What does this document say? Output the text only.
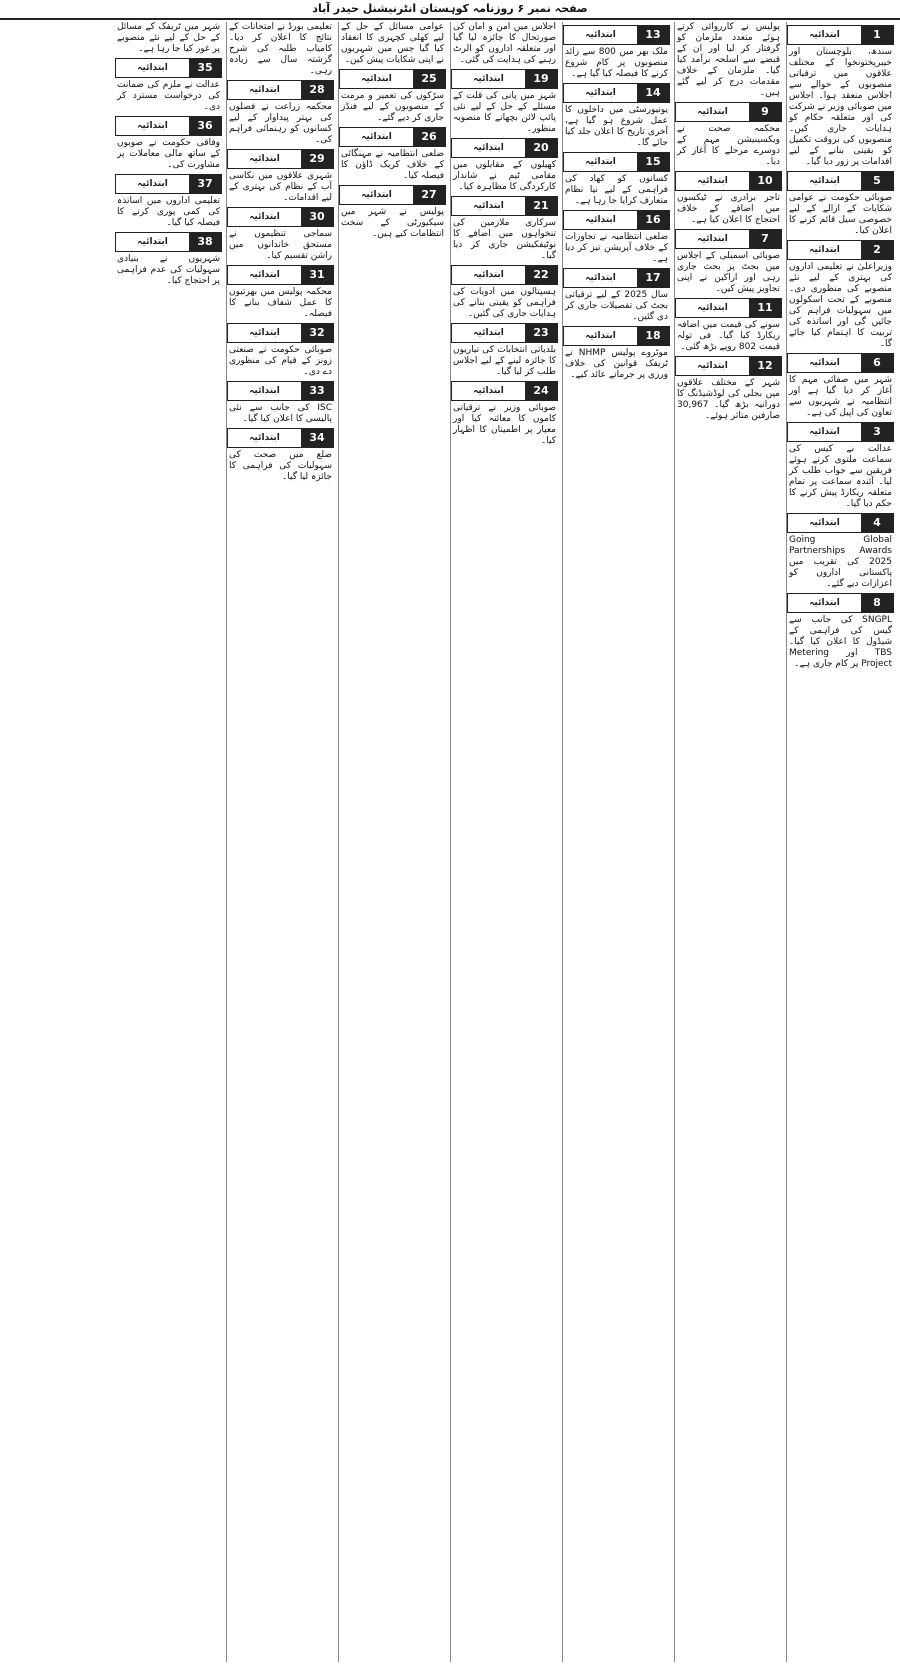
صفحہ نمبر ۶ روزنامہ کوہستان انٹرنیشنل حیدر آباد
ابتدائیہ	1

سندھ، بلوچستان اور خیبرپختونخوا کے مختلف علاقوں میں ترقیاتی منصوبوں کے حوالے سے اجلاس منعقد ہوا۔ اجلاس میں صوبائی وزیر نے شرکت کی اور متعلقہ حکام کو ہدایات جاری کیں۔ منصوبوں کی بروقت تکمیل کو یقینی بنانے کے لیے اقدامات پر زور دیا گیا۔

ابتدائیہ	5

صوبائی حکومت نے عوامی شکایات کے ازالے کے لیے خصوصی سیل قائم کرنے کا اعلان کیا۔

ابتدائیہ	2

وزیراعلیٰ نے تعلیمی اداروں کی بہتری کے لیے نئے منصوبے کی منظوری دی۔ منصوبے کے تحت اسکولوں میں سہولیات فراہم کی جائیں گی اور اساتذہ کی تربیت کا اہتمام کیا جائے گا۔

ابتدائیہ	6

شہر میں صفائی مہم کا آغاز کر دیا گیا ہے اور انتظامیہ نے شہریوں سے تعاون کی اپیل کی ہے۔

ابتدائیہ	3

عدالت نے کیس کی سماعت ملتوی کرتے ہوئے فریقین سے جواب طلب کر لیا۔ آئندہ سماعت پر تمام متعلقہ ریکارڈ پیش کرنے کا حکم دیا گیا۔

ابتدائیہ	4

Going Global Partnerships Awards 2025 کی تقریب میں پاکستانی اداروں کو اعزازات دیے گئے۔

ابتدائیہ	8

SNGPL کی جانب سے گیس کی فراہمی کے شیڈول کا اعلان کیا گیا۔ TBS اور Metering Project پر کام جاری ہے۔

پولیس نے کارروائی کرتے ہوئے متعدد ملزمان کو گرفتار کر لیا اور ان کے قبضے سے اسلحہ برآمد کیا گیا۔ ملزمان کے خلاف مقدمات درج کر لیے گئے ہیں۔

ابتدائیہ	9

محکمہ صحت نے ویکسینیشن مہم کے دوسرے مرحلے کا آغاز کر دیا۔

ابتدائیہ	10

تاجر برادری نے ٹیکسوں میں اضافے کے خلاف احتجاج کا اعلان کیا ہے۔

ابتدائیہ	7

صوبائی اسمبلی کے اجلاس میں بجٹ پر بحث جاری رہی اور اراکین نے اپنی تجاویز پیش کیں۔

ابتدائیہ	11

سونے کی قیمت میں اضافہ ریکارڈ کیا گیا۔ فی تولہ قیمت 802 روپے بڑھ گئی۔

ابتدائیہ	12

شہر کے مختلف علاقوں میں بجلی کی لوڈشیڈنگ کا دورانیہ بڑھ گیا۔ 30,967 صارفین متاثر ہوئے۔

ابتدائیہ	13

ملک بھر میں 800 سے زائد منصوبوں پر کام شروع کرنے کا فیصلہ کیا گیا ہے۔

ابتدائیہ	14

یونیورسٹی میں داخلوں کا عمل شروع ہو گیا ہے، آخری تاریخ کا اعلان جلد کیا جائے گا۔

ابتدائیہ	15

کسانوں کو کھاد کی فراہمی کے لیے نیا نظام متعارف کرایا جا رہا ہے۔

ابتدائیہ	16

ضلعی انتظامیہ نے تجاوزات کے خلاف آپریشن تیز کر دیا ہے۔

ابتدائیہ	17

سال 2025 کے لیے ترقیاتی بجٹ کی تفصیلات جاری کر دی گئیں۔

ابتدائیہ	18

موٹروے پولیس NHMP نے ٹریفک قوانین کی خلاف ورزی پر جرمانے عائد کیے۔

اجلاس میں امن و امان کی صورتحال کا جائزہ لیا گیا اور متعلقہ اداروں کو الرٹ رہنے کی ہدایت کی گئی۔

ابتدائیہ	19

شہر میں پانی کی قلت کے مسئلے کے حل کے لیے نئی پائپ لائن بچھانے کا منصوبہ منظور۔

ابتدائیہ	20

کھیلوں کے مقابلوں میں مقامی ٹیم نے شاندار کارکردگی کا مظاہرہ کیا۔

ابتدائیہ	21

سرکاری ملازمین کی تنخواہوں میں اضافے کا نوٹیفکیشن جاری کر دیا گیا۔

ابتدائیہ	22

ہسپتالوں میں ادویات کی فراہمی کو یقینی بنانے کی ہدایات جاری کی گئیں۔

ابتدائیہ	23

بلدیاتی انتخابات کی تیاریوں کا جائزہ لینے کے لیے اجلاس طلب کر لیا گیا۔

ابتدائیہ	24

صوبائی وزیر نے ترقیاتی کاموں کا معائنہ کیا اور معیار پر اطمینان کا اظہار کیا۔

عوامی مسائل کے حل کے لیے کھلی کچہری کا انعقاد کیا گیا جس میں شہریوں نے اپنی شکایات پیش کیں۔

ابتدائیہ	25

سڑکوں کی تعمیر و مرمت کے منصوبوں کے لیے فنڈز جاری کر دیے گئے۔

ابتدائیہ	26

ضلعی انتظامیہ نے مہنگائی کے خلاف کریک ڈاؤن کا فیصلہ کیا۔

ابتدائیہ	27

پولیس نے شہر میں سیکیورٹی کے سخت انتظامات کیے ہیں۔

تعلیمی بورڈ نے امتحانات کے نتائج کا اعلان کر دیا۔ کامیاب طلبہ کی شرح گزشتہ سال سے زیادہ رہی۔

ابتدائیہ	28

محکمہ زراعت نے فصلوں کی بہتر پیداوار کے لیے کسانوں کو رہنمائی فراہم کی۔

ابتدائیہ	29

شہری علاقوں میں نکاسی آب کے نظام کی بہتری کے لیے اقدامات۔

ابتدائیہ	30

سماجی تنظیموں نے مستحق خاندانوں میں راشن تقسیم کیا۔

ابتدائیہ	31

محکمہ پولیس میں بھرتیوں کا عمل شفاف بنانے کا فیصلہ۔

ابتدائیہ	32

صوبائی حکومت نے صنعتی زونز کے قیام کی منظوری دے دی۔

ابتدائیہ	33

ISC کی جانب سے نئی پالیسی کا اعلان کیا گیا۔

ابتدائیہ	34

ضلع میں صحت کی سہولیات کی فراہمی کا جائزہ لیا گیا۔

شہر میں ٹریفک کے مسائل کے حل کے لیے نئے منصوبے پر غور کیا جا رہا ہے۔

ابتدائیہ	35

عدالت نے ملزم کی ضمانت کی درخواست مسترد کر دی۔

ابتدائیہ	36

وفاقی حکومت نے صوبوں کے ساتھ مالی معاملات پر مشاورت کی۔

ابتدائیہ	37

تعلیمی اداروں میں اساتذہ کی کمی پوری کرنے کا فیصلہ کیا گیا۔

ابتدائیہ	38

شہریوں نے بنیادی سہولیات کی عدم فراہمی پر احتجاج کیا۔
